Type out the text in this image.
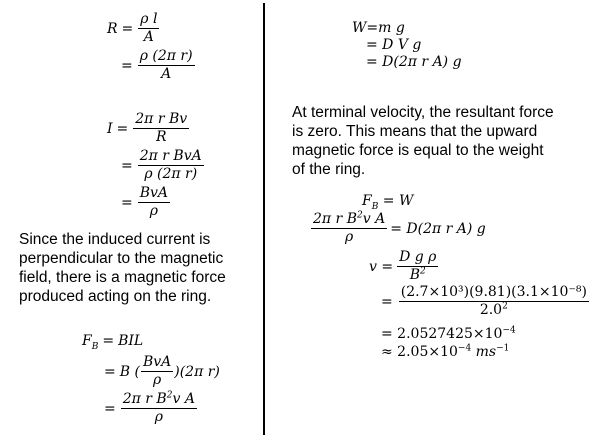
$R = \frac{\text{ρ l}}{A}$
= $\frac{\text{ρ (2π r)}}{A}$
$I = \frac{\text{2π r Bv}}{R}$
= $\frac{\text{2π r BvA}}{\text{ρ (2π r)}}$
= $\frac{\text{BvA}}{\rho}$
Since the induced current is perpendicular to the magnetic field, there is a magnetic force produced acting on the ring.
$F_B$ = BIL
= B ( $\frac{\text{BvA}}{\rho} )(2\pi$ r)
= $\frac{2\pi r B^2v A}{\rho}$
W=m g
= D V g
= D(2π r A) g
At terminal velocity, the resultant force is zero. This means that the upward magnetic force is equal to the weight of the ring.
$F_B = W$
$\frac{2\pi r B^2v A}{\rho} = D(2\pi$ r A) g
$v = \frac{\text{D g ρ}}{B^2}$
= $\frac{\text{(2.7×10³)(9.81)(3.1×10⁻⁸)}}{2.0^2}$
= $2.0527425\times 10^{-4}$
≈ $2.05\times 10^{-4}$ $ms^{-1}$
